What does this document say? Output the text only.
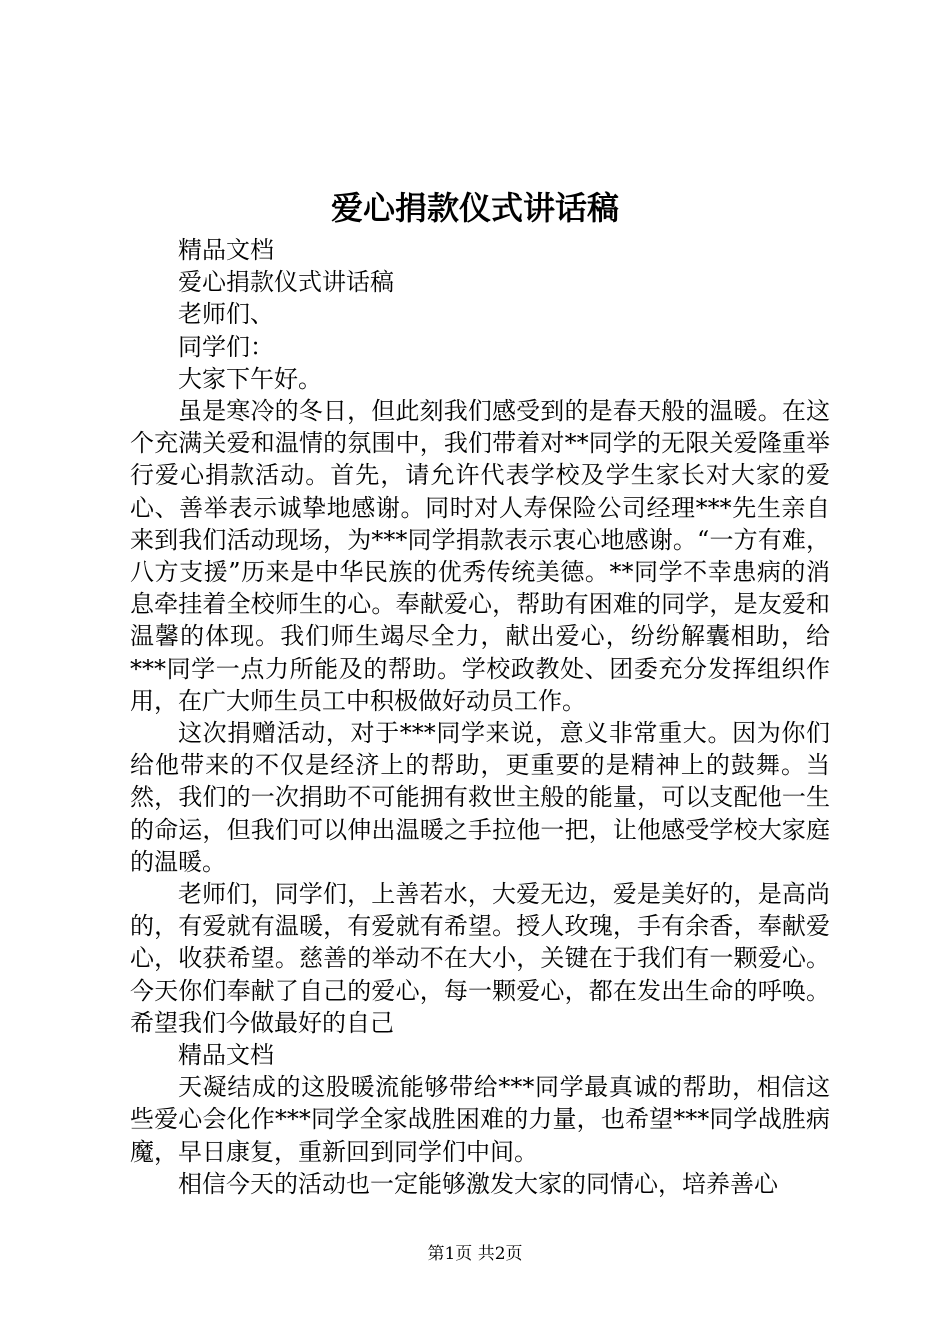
爱心捐款仪式讲话稿

精品文档

爱心捐款仪式讲话稿

老师们、

同学们：

大家下午好。

虽是寒冷的冬日，但此刻我们感受到的是春天般的温暖。在这个充满关爱和温情的氛围中，我们带着对**同学的无限关爱隆重举行爱心捐款活动。首先，请允许代表学校及学生家长对大家的爱心、善举表示诚挚地感谢。同时对人寿保险公司经理***先生亲自来到我们活动现场，为***同学捐款表示衷心地感谢。“一方有难，八方支援”历来是中华民族的优秀传统美德。**同学不幸患病的消息牵挂着全校师生的心。奉献爱心，帮助有困难的同学，是友爱和温馨的体现。我们师生竭尽全力，献出爱心，纷纷解囊相助，给***同学一点力所能及的帮助。学校政教处、团委充分发挥组织作用，在广大师生员工中积极做好动员工作。

这次捐赠活动，对于***同学来说，意义非常重大。因为你们给他带来的不仅是经济上的帮助，更重要的是精神上的鼓舞。当然，我们的一次捐助不可能拥有救世主般的能量，可以支配他一生的命运，但我们可以伸出温暖之手拉他一把，让他感受学校大家庭的温暖。

老师们，同学们，上善若水，大爱无边，爱是美好的，是高尚的，有爱就有温暖，有爱就有希望。授人玫瑰，手有余香，奉献爱心，收获希望。慈善的举动不在大小，关键在于我们有一颗爱心。今天你们奉献了自己的爱心，每一颗爱心，都在发出生命的呼唤。希望我们今做最好的自己

精品文档

天凝结成的这股暖流能够带给***同学最真诚的帮助，相信这些爱心会化作***同学全家战胜困难的力量，也希望***同学战胜病魔，早日康复，重新回到同学们中间。

相信今天的活动也一定能够激发大家的同情心，培养善心

第1页 共2页
